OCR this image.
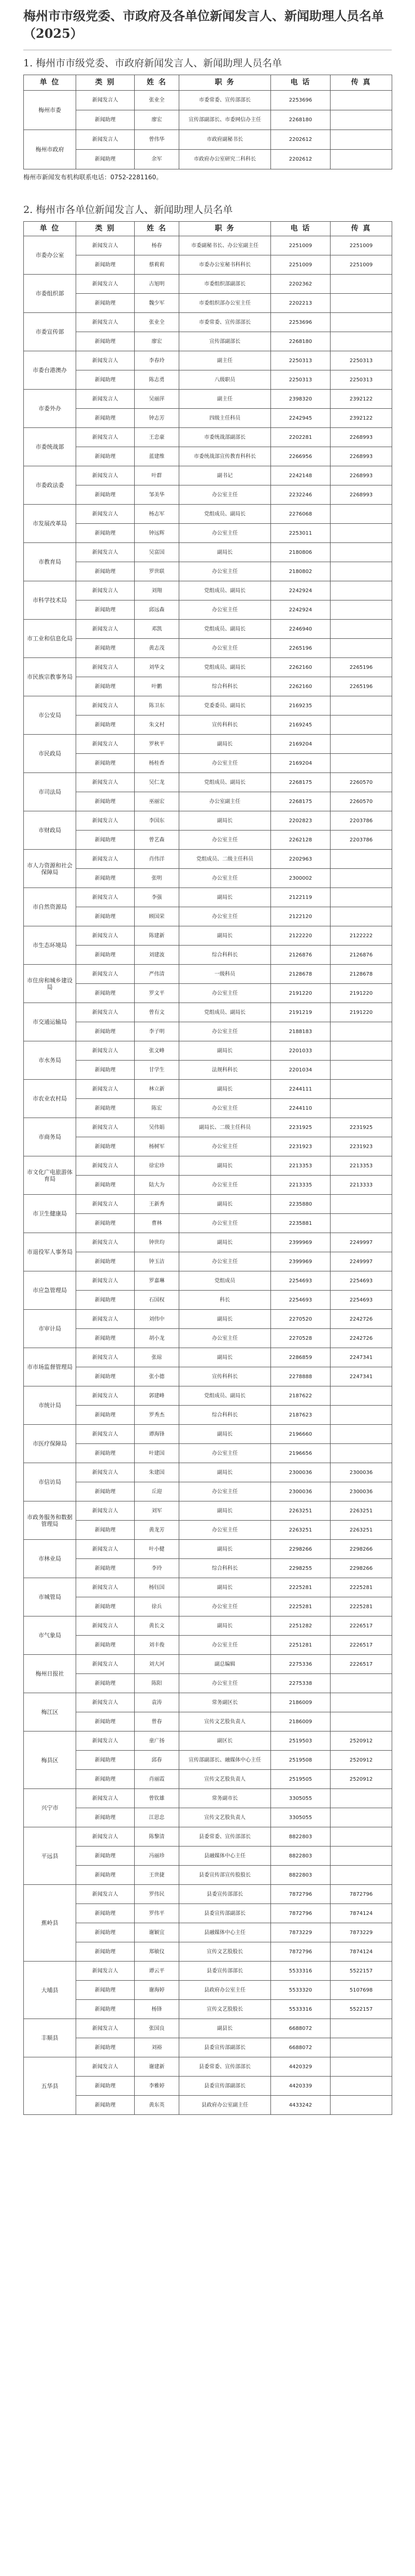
梅州市市级党委、市政府及各单位新闻发言人、新闻助理人员名单（2025）
1. 梅州市市级党委、市政府新闻发言人、新闻助理人员名单
单 位	类 别	姓 名	职 务	电 话	传 真
梅州市委	新闻发言人	张业全	市委常委、宣传部部长	2253696	
	新闻助理	廖宏	宣传部副部长、市委网信办主任	2268180	
梅州市政府	新闻发言人	曾伟华	市政府副秘书长	2202612	
	新闻助理	余军	市政府办公室研究二科科长	2202612	
梅州市新闻发布机构联系电话：0752-2281160。
2. 梅州市各单位新闻发言人、新闻助理人员名单
单 位	类 别	姓 名	职 务	电 话	传 真
市委办公室	新闻发言人	杨春	市委副秘书长、办公室副主任	2251009	2251009
	新闻助理	蔡莉莉	市委办公室秘书科科长	2251009	2251009
市委组织部	新闻发言人	古旭明	市委组织部副部长	2202362	
	新闻助理	魏少军	市委组织部办公室主任	2202213	
市委宣传部	新闻发言人	张业全	市委常委、宣传部部长	2253696	
	新闻助理	廖宏	宣传部副部长	2268180	
市委台港澳办	新闻发言人	李春玲	副主任	2250313	2250313
	新闻助理	陈志勇	八级职员	2250313	2250313
市委外办	新闻发言人	吴丽萍	副主任	2398320	2392122
	新闻助理	钟志芳	四级主任科员	2242945	2392122
市委统战部	新闻发言人	王忠豪	市委统战部副部长	2202281	2268993
	新闻助理	蓝建维	市委统战部宣传教育科科长	2266956	2268993
市委政法委	新闻发言人	叶群	副书记	2242148	2268993
	新闻助理	邹美华	办公室主任	2232246	2268993
市发展改革局	新闻发言人	杨志军	党组成员、副局长	2276068	
	新闻助理	钟远辉	办公室主任	2253011	
市教育局	新闻发言人	吴富国	副局长	2180806	
	新闻助理	罗世联	办公室主任	2180802	
市科学技术局	新闻发言人	刘翔	党组成员、副局长	2242924	
	新闻助理	邱远森	办公室主任	2242924	
市工业和信息化局	新闻发言人	邓凯	党组成员、副局长	2246940	
	新闻助理	黄志茂	办公室主任	2265196	
市民族宗教事务局	新闻发言人	刘华文	党组成员、副局长	2262160	2265196
	新闻助理	叶鹏	综合科科长	2262160	2265196
市公安局	新闻发言人	陈卫东	党委委员、副局长	2169235	
	新闻助理	朱文村	宣传科科长	2169245	
市民政局	新闻发言人	罗秋平	副局长	2169204	
	新闻助理	杨桂香	办公室主任	2169204	
市司法局	新闻发言人	吴仁龙	党组成员、副局长	2268175	2260570
	新闻助理	巫丽宏	办公室副主任	2268175	2260570
市财政局	新闻发言人	李国东	副局长	2202823	2203786
	新闻助理	曾艺森	办公室主任	2262128	2203786
市人力资源和社会保障局	新闻发言人	肖伟洋	党组成员、二级主任科员	2202963	
	新闻助理	张明	办公室主任	2300002	
市自然资源局	新闻发言人	李强	副局长	2122119	
	新闻助理	顾国荣	办公室主任	2122120	
市生态环境局	新闻发言人	陈建新	副局长	2122220	2122222
	新闻助理	刘建波	综合科科长	2126876	2126876
市住房和城乡建设局	新闻发言人	严伟清	一级科员	2128678	2128678
	新闻助理	罗文平	办公室主任	2191220	2191220
市交通运输局	新闻发言人	曾有文	党组成员、副局长	2191219	2191220
	新闻助理	李子明	办公室主任	2188183	
市水务局	新闻发言人	张文峰	副局长	2201033	
	新闻助理	甘学生	法规科科长	2201034	
市农业农村局	新闻发言人	林立新	副局长	2244111	
	新闻助理	陈宏	办公室主任	2244110	
市商务局	新闻发言人	吴伟娟	副局长、二级主任科员	2231925	2231925
	新闻助理	杨树军	办公室主任	2231923	2231923
市文化广电旅游体育局	新闻发言人	徐宏珍	副局长	2213353	2213353
	新闻助理	陆大为	办公室主任	2213335	2213333
市卫生健康局	新闻发言人	王新秀	副局长	2235880	
	新闻助理	曹林	办公室主任	2235881	
市退役军人事务局	新闻发言人	钟世均	副局长	2399969	2249997
	新闻助理	钟玉洁	办公室主任	2399969	2249997
市应急管理局	新闻发言人	罗嘉琳	党组成员	2254693	2254693
	新闻助理	石国权	科长	2254693	2254693
市审计局	新闻发言人	刘伟中	副局长	2270520	2242726
	新闻助理	胡小龙	办公室主任	2270528	2242726
市市场监督管理局	新闻发言人	张琼	副局长	2286859	2247341
	新闻助理	张小德	宣传科科长	2278888	2247341
市统计局	新闻发言人	郭建峰	党组成员、副局长	2187622	
	新闻助理	罗秀杰	综合科科长	2187623	
市医疗保障局	新闻发言人	谭海锋	副局长	2196660	
	新闻助理	叶建国	办公室主任	2196656	
市信访局	新闻发言人	朱建国	副局长	2300036	2300036
	新闻助理	丘迎	办公室主任	2300036	2300036
市政务服务和数据管理局	新闻发言人	刘军	副局长	2263251	2263251
	新闻助理	黄龙芳	办公室主任	2263251	2263251
市林业局	新闻发言人	叶小健	副局长	2298266	2298266
	新闻助理	李玲	综合科科长	2298255	2298266
市城管局	新闻发言人	杨钰国	副局长	2225281	2225281
	新闻助理	徐兵	办公室主任	2225281	2225281
市气象局	新闻发言人	黄长文	副局长	2251282	2226517
	新闻助理	刘丰俊	办公室主任	2251281	2226517
梅州日报社	新闻发言人	刘大河	副总编辑	2275336	2226517
	新闻助理	陈阳	办公室主任	2275338	
梅江区	新闻发言人	袁涛	常务副区长	2186009	
	新闻助理	曾春	宣传文艺股负责人	2186009	
梅县区	新闻发言人	童广扬	副区长	2519503	2520912
	新闻助理	邱春	宣传部副部长、融媒体中心主任	2519508	2520912
	新闻助理	肖丽霞	宣传文艺股负责人	2519505	2520912
兴宁市	新闻发言人	曾钦雄	常务副市长	3305055	
	新闻助理	江思忠	宣传文艺股负责人	3305055	
平远县	新闻发言人	陈黎清	县委常委、宣传部部长	8822803	
	新闻助理	冯丽珍	县融媒体中心主任	8822803	
	新闻助理	王世捷	县委宣传部宣传股股长	8822803	
蕉岭县	新闻发言人	罗伟民	县委宣传部部长	7872796	7872796
	新闻助理	罗伟平	县委宣传部副部长	7872796	7874124
	新闻助理	谢颖宜	县融媒体中心主任	7873229	7873229
	新闻助理	郑敏仪	宣传文艺股股长	7872796	7874124
大埔县	新闻发言人	谭云平	县委宣传部部长	5533316	5522157
	新闻助理	谢海婷	县政府办公室主任	5533320	5107698
	新闻助理	杨锋	宣传文艺股股长	5533316	5522157
丰顺县	新闻发言人	张国良	副县长	6688072	
	新闻助理	刘裕	县委宣传部副部长	6688072	
五华县	新闻发言人	谢建新	县委常委、宣传部部长	4420329	
	新闻助理	李雅婷	县委宣传部副部长	4420339	
	新闻助理	黄东英	县政府办公室副主任	4433242	
